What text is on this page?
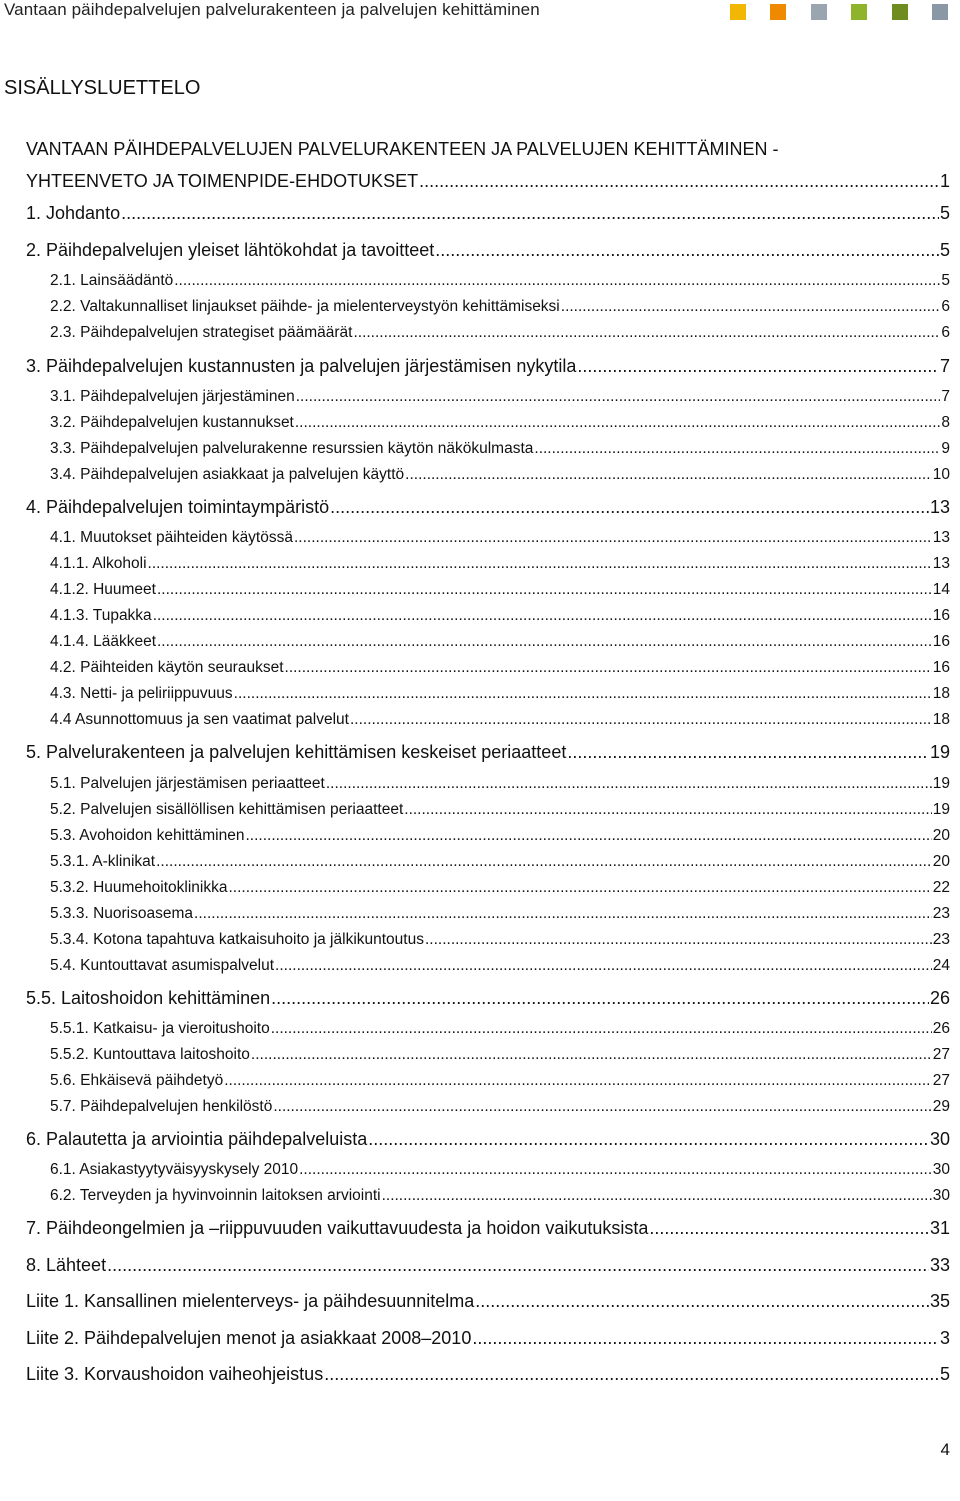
Vantaan päihdepalvelujen palvelurakenteen ja palvelujen kehittäminen
SISÄLLYSLUETTELO
VANTAAN PÄIHDEPALVELUJEN PALVELURAKENTEEN JA PALVELUJEN KEHITTÄMINEN -
YHTEENVETO JA TOIMENPIDE-EHDOTUKSET .....	1
1. Johdanto .....	5
2. Päihdepalvelujen yleiset lähtökohdat ja tavoitteet .....	5
2.1. Lainsäädäntö .....	5
2.2. Valtakunnalliset linjaukset päihde- ja mielenterveystyön kehittämiseksi .....	6
2.3. Päihdepalvelujen strategiset päämäärät .....	6
3. Päihdepalvelujen kustannusten ja palvelujen järjestämisen nykytila .....	7
3.1. Päihdepalvelujen järjestäminen .....	7
3.2. Päihdepalvelujen kustannukset .....	8
3.3. Päihdepalvelujen palvelurakenne resurssien käytön näkökulmasta .....	9
3.4. Päihdepalvelujen asiakkaat ja palvelujen käyttö .....	10
4. Päihdepalvelujen toimintaympäristö .....	13
4.1. Muutokset päihteiden käytössä .....	13
4.1.1. Alkoholi .....	13
4.1.2. Huumeet .....	14
4.1.3. Tupakka .....	16
4.1.4. Lääkkeet .....	16
4.2. Päihteiden käytön seuraukset .....	16
4.3. Netti- ja peliriippuvuus .....	18
4.4 Asunnottomuus ja sen vaatimat palvelut .....	18
5. Palvelurakenteen ja palvelujen kehittämisen keskeiset periaatteet .....	19
5.1. Palvelujen järjestämisen periaatteet .....	19
5.2. Palvelujen sisällöllisen kehittämisen periaatteet .....	19
5.3. Avohoidon kehittäminen .....	20
5.3.1. A-klinikat .....	20
5.3.2. Huumehoitoklinikka .....	22
5.3.3. Nuorisoasema .....	23
5.3.4. Kotona tapahtuva katkaisuhoito ja jälkikuntoutus .....	23
5.4. Kuntouttavat asumispalvelut .....	24
5.5. Laitoshoidon kehittäminen .....	26
5.5.1. Katkaisu- ja vieroitushoito .....	26
5.5.2. Kuntouttava laitoshoito .....	27
5.6. Ehkäisevä päihdetyö .....	27
5.7. Päihdepalvelujen henkilöstö .....	29
6. Palautetta ja arviointia päihdepalveluista .....	30
6.1. Asiakastyytyväisyyskysely 2010 .....	30
6.2. Terveyden ja hyvinvoinnin laitoksen arviointi .....	30
7. Päihdeongelmien ja –riippuvuuden vaikuttavuudesta ja hoidon vaikutuksista .....	31
8. Lähteet .....	33
Liite 1. Kansallinen mielenterveys- ja päihdesuunnitelma .....	35
Liite 2. Päihdepalvelujen menot ja asiakkaat 2008–2010 .....	3
Liite 3. Korvaushoidon vaiheohjeistus .....	5
4
